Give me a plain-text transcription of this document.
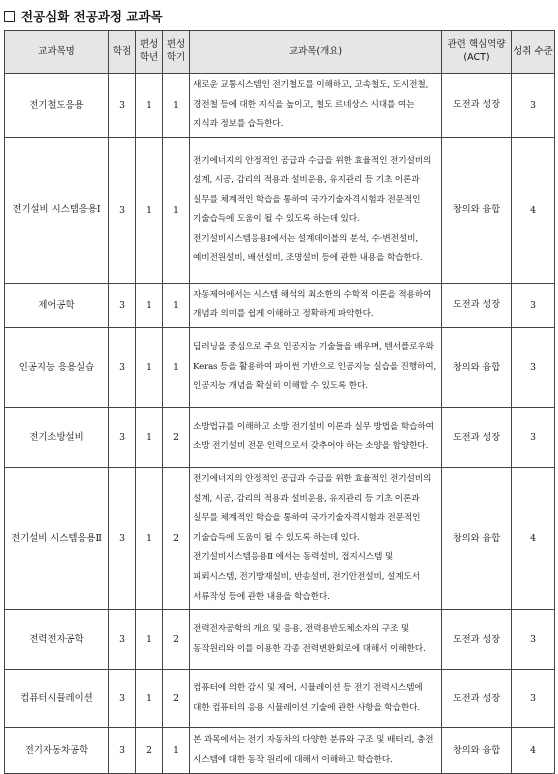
전공심화 전공과정 교과목
교과목명	학점	편성 학년	편성 학기	교과목(개요)	관련 핵심역량 (ACT)	성취 수준
전기철도응용	3	1	1	새로운 교통시스템인 전기철도를 이해하고, 고속철도, 도시전철, 경전철 등에 대한 지식을 높이고, 철도 르네상스 시대를 여는 지식과 정보를 습득한다.	도전과 성장	3
전기설비 시스템응용Ⅰ	3	1	1	전기에너지의 안정적인 공급과 수급을 위한 효율적인 전기설비의 설계, 시공, 감리의 적용과 설비운용, 유지관리 등 기초 이론과 실무를 체계적인 학습을 통하여 국가기술자격시험과 전문적인 기술습득에 도움이 될 수 있도록 하는데 있다. 전기설비시스템응용Ⅰ에서는 설계데이블의 분석, 수·변전설비, 예비전원설비, 배선설비, 조명설비 등에 관한 내용을 학습한다.	창의와 융합	4
제어공학	3	1	1	자동제어에서는 시스템 해석의 최소한의 수학적 이론을 적용하여 개념과 의미를 쉽게 이해하고 정확하게 파악한다.	도전과 성장	3
인공지능 응용실습	3	1	1	딥러닝을 중심으로 주요 인공지능 기술들을 배우며, 텐서플로우와 Keras 등을 활용하여 파이썬 기반으로 인공지능 실습을 진행하여, 인공지능 개념을 확실히 이해할 수 있도록 한다.	창의와 융합	3
전기소방설비	3	1	2	소방법규를 이해하고 소방 전기설비 이론과 실무 방법을 학습하여 소방 전기설비 전문 인력으로서 갖추어야 하는 소양을 함양한다.	도전과 성장	3
전기설비 시스템응용Ⅱ	3	1	2	전기에너지의 안정적인 공급과 수급을 위한 효율적인 전기설비의 설계, 시공, 감리의 적용과 설비운용, 유지관리 등 기초 이론과 실무를 체계적인 학습을 통하여 국가기술자격시험과 전문적인 기술습득에 도움이 될 수 있도록 하는데 있다. 전기설비시스템응용Ⅱ 에서는 동력설비, 접지시스템 및 피뢰시스템, 전기방재설비, 반송설비, 전기안전설비, 설계도서 서류작성 등에 관한 내용을 학습한다.	창의와 융합	4
전력전자공학	3	1	2	전력전자공학의 개요 및 응용, 전력용반도체소자의 구조 및 동작원리와 이를 이용한 각종 전력변환회로에 대해서 이해한다.	도전과 성장	3
컴퓨터시뮬레이션	3	1	2	컴퓨터에 의한 감시 및 제어, 시뮬레이션 등 전기 전력시스템에 대한 컴퓨터의 응용 시뮬레이션 기술에 관한 사항을 학습한다.	도전과 성장	3
전기자동차공학	3	2	1	본 과목에서는 전기 자동차의 다양한 분류와 구조 및 배터리, 충전 시스템에 대한 동작 원리에 대해서 이해하고 학습한다.	창의와 융합	4
